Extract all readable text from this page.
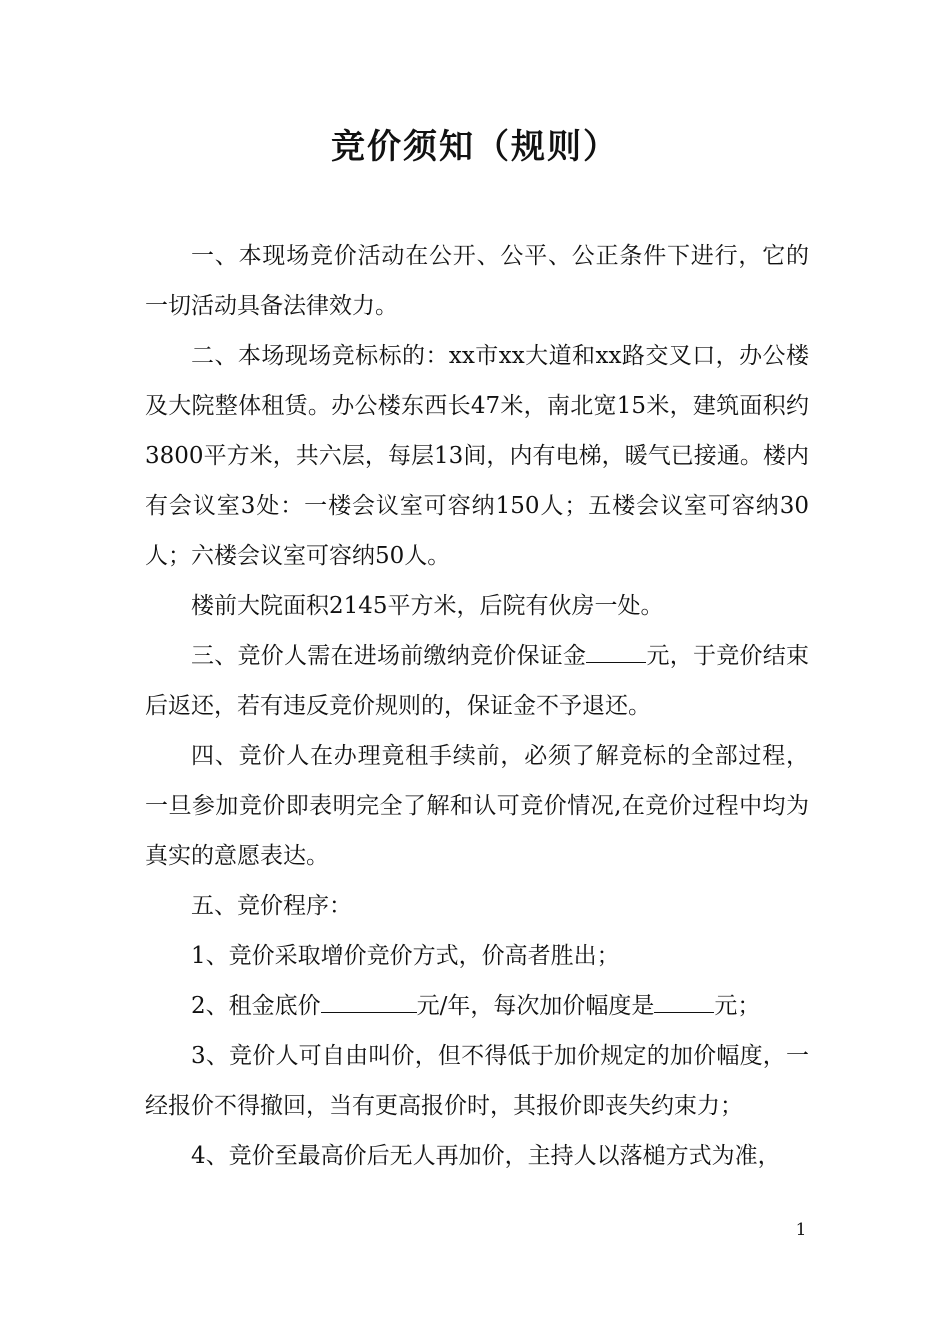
竞价须知（规则）

一、本现场竞价活动在公开、公平、公正条件下进行，它的一切活动具备法律效力。

二、本场现场竞标标的：xx市xx大道和xx路交叉口，办公楼及大院整体租赁。办公楼东西长47米，南北宽15米，建筑面积约3800平方米，共六层，每层13间，内有电梯，暖气已接通。楼内有会议室3处：一楼会议室可容纳150人；五楼会议室可容纳30人；六楼会议室可容纳50人。

楼前大院面积2145平方米，后院有伙房一处。

三、竞价人需在进场前缴纳竞价保证金	元，于竞价结束后返还，若有违反竞价规则的，保证金不予退还。

四、竞价人在办理竟租手续前，必须了解竞标的全部过程，一旦参加竞价即表明完全了解和认可竞价情况,在竞价过程中均为真实的意愿表达。

五、竞价程序：

1、竞价采取增价竞价方式，价高者胜出；

2、租金底价	元/年，每次加价幅度是	元；

3、竞价人可自由叫价，但不得低于加价规定的加价幅度，一经报价不得撤回，当有更高报价时，其报价即丧失约束力；

4、竞价至最高价后无人再加价，主持人以落槌方式为准，

1
